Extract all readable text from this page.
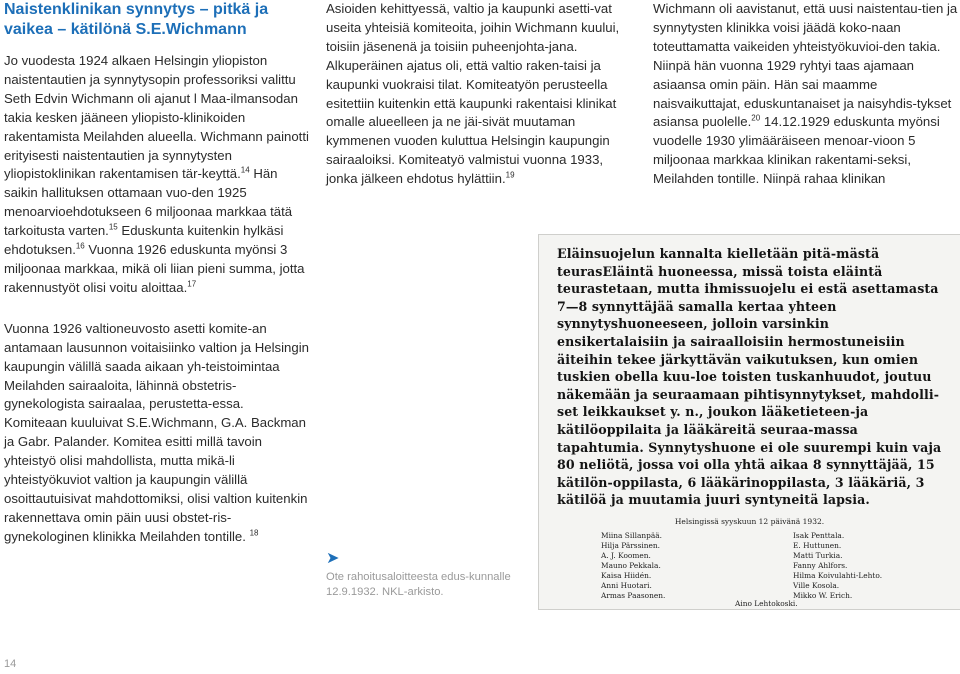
Naistenklinikan synnytys – pitkä ja vaikea – kätilönä S.E.Wichmann

Jo vuodesta 1924 alkaen Helsingin yliopiston naistentautien ja synnytysopin professoriksi valittu Seth Edvin Wichmann oli ajanut l Maa-ilmansodan takia kesken jääneen yliopisto-klinikoiden rakentamista Meilahden alueella. Wichmann painotti erityisesti naistentautien ja synnytysten yliopistoklinikan rakentamisen tär-keyttä.$^{14}$ Hän saikin hallituksen ottamaan vuo-den 1925 menoarvioehdotukseen 6 miljoonaa markkaa tätä tarkoitusta varten.$^{15}$ Eduskunta kuitenkin hylkäsi ehdotuksen.$^{16}$ Vuonna 1926 eduskunta myönsi 3 miljoonaa markkaa, mikä oli liian pieni summa, jotta rakennustyöt olisi voitu aloittaa.$^{17}$

Vuonna 1926 valtioneuvosto asetti komite-an antamaan lausunnon voitaisiinko valtion ja Helsingin kaupungin välillä saada aikaan yh-teistoimintaa Meilahden sairaaloita, lähinnä obstetris-gynekologista sairaalaa, perustetta-essa. Komiteaan kuuluivat S.E.Wichmann, G.A. Backman ja Gabr. Palander. Komitea esitti millä tavoin yhteistyö olisi mahdollista, mutta mikä-li yhteistyökuviot valtion ja kaupungin välillä osoittautuisivat mahdottomiksi, olisi valtion kuitenkin rakennettava omin päin uusi obstet-ris-gynekologinen klinikka Meilahden tontille. $^{18}$

Asioiden kehittyessä, valtio ja kaupunki asetti-vat useita yhteisiä komiteoita, joihin Wichmann kuului, toisiin jäsenenä ja toisiin puheenjohta-jana. Alkuperäinen ajatus oli, että valtio raken-taisi ja kaupunki vuokraisi tilat. Komiteatyön perusteella esitettiin kuitenkin että kaupunki rakentaisi klinikat omalle alueelleen ja ne jäi-sivät muutaman kymmenen vuoden kuluttua Helsingin kaupungin sairaaloiksi. Komiteatyö valmistui vuonna 1933, jonka jälkeen ehdotus hylättiin.$^{19}$

Wichmann oli aavistanut, että uusi naistentau-tien ja synnytysten klinikka voisi jäädä koko-naan toteuttamatta vaikeiden yhteistyökuvioi-den takia. Niinpä hän vuonna 1929 ryhtyi taas ajamaan asiaansa omin päin. Hän sai maamme naisvaikuttajat, eduskuntanaiset ja naisyhdis-tykset asiansa puolelle.$^{20}$ 14.12.1929 eduskunta myönsi vuodelle 1930 ylimääräiseen menoar-vioon 5 miljoonaa markkaa klinikan rakentami-seksi, Meilahden tontille. Niinpä rahaa klinikan

Eläinsuojelun kannalta kielletään pitä-mästä teurasEläintä huoneessa, missä toista eläintä teurastetaan, mutta ihmissuojelu ei estä asettamasta 7—8 synnyttäjää samalla kertaa yhteen synnytyshuoneeseen, jolloin varsinkin ensikertalaisiin ja sairaalloisiin hermostuneisiin äiteihin tekee järkyttävän vaikutuksen, kun omien tuskien obella kuu-loe toisten tuskanhuudot, joutuu näkemään ja seuraamaan pihtisynnytykset, mahdolli-set leikkaukset y. n., joukon lääketieteen-ja kätilöoppilaita ja lääkäreitä seuraa-massa tapahtumia. Synnytyshuone ei ole suurempi kuin vaja 80 neliötä, jossa voi olla yhtä aikaa 8 synnyttäjää, 15 kätilön-oppilasta, 6 lääkärinoppilasta, 3 lääkäriä, 3 kätilöä ja muutamia juuri syntyneitä lapsia.
Helsingissä syyskuun 12 päivänä 1932.
Miina Sillanpää.
Hilja Pärssinen.
A. J. Koomen.
Mauno Pekkala.
Kaisa Hiidén.
Anni Huotari.
Armas Paasonen.
Isak Penttala.
E. Huttunen.
Matti Turkia.
Fanny Ahlfors.
Hilma Koivulahti-Lehto.
Ville Kosola.
Mikko W. Erich.
Aino Lehtokoski.
➤
Ote rahoitusaloitteesta edus-kunnalle 12.9.1932. NKL-arkisto.
14
